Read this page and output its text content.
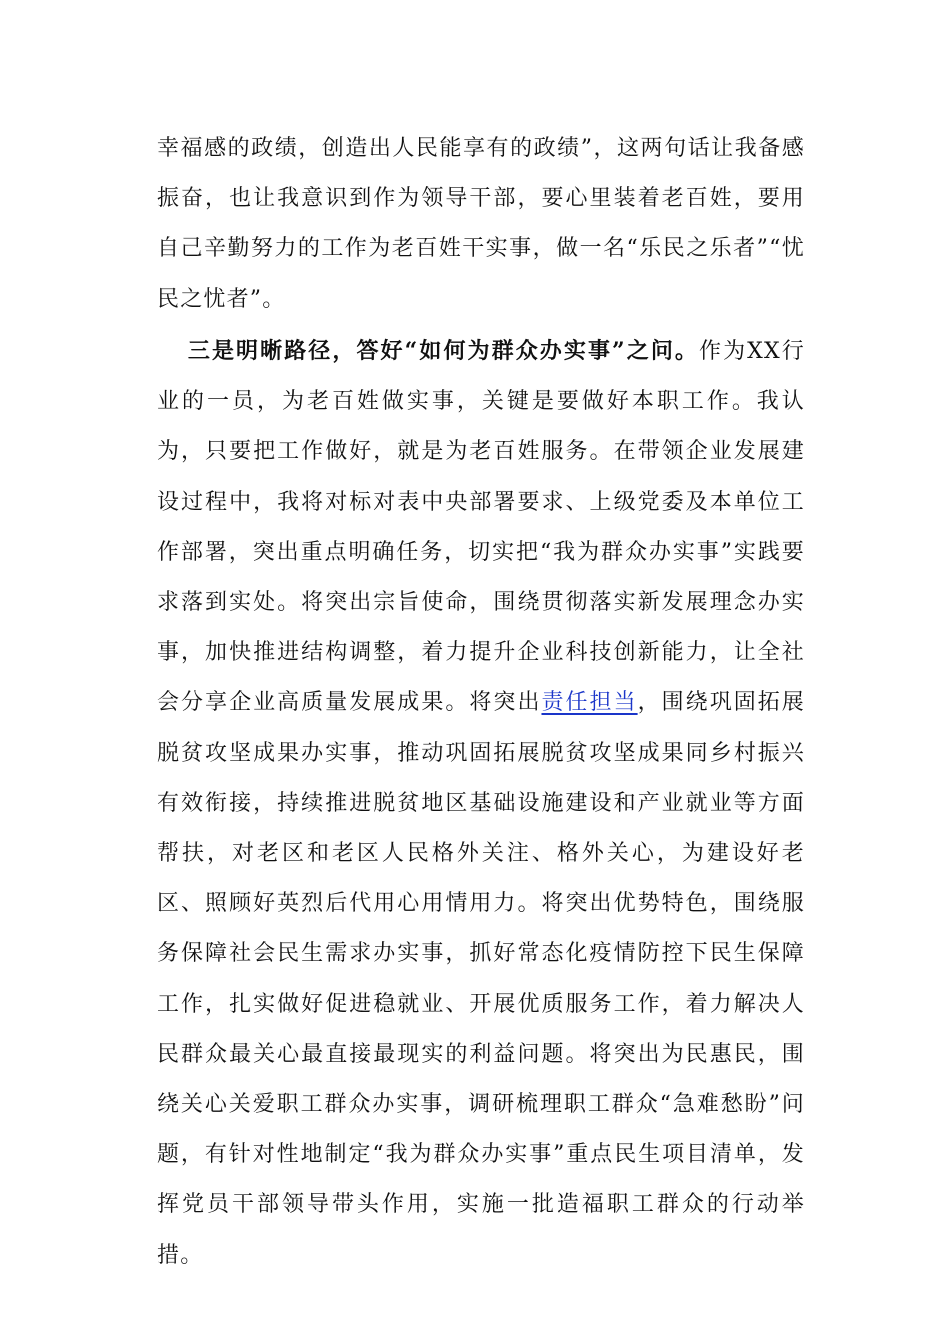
幸福感的政绩，创造出人民能享有的政绩”，这两句话让我备感振奋，也让我意识到作为领导干部，要心里装着老百姓，要用自己辛勤努力的工作为老百姓干实事，做一名“乐民之乐者”“忧民之忧者”。

三是明晰路径，答好“如何为群众办实事”之问。作为XX行业的一员，为老百姓做实事，关键是要做好本职工作。我认为，只要把工作做好，就是为老百姓服务。在带领企业发展建设过程中，我将对标对表中央部署要求、上级党委及本单位工作部署，突出重点明确任务，切实把“我为群众办实事”实践要求落到实处。将突出宗旨使命，围绕贯彻落实新发展理念办实事，加快推进结构调整，着力提升企业科技创新能力，让全社会分享企业高质量发展成果。将突出责任担当，围绕巩固拓展脱贫攻坚成果办实事，推动巩固拓展脱贫攻坚成果同乡村振兴有效衔接，持续推进脱贫地区基础设施建设和产业就业等方面帮扶，对老区和老区人民格外关注、格外关心，为建设好老区、照顾好英烈后代用心用情用力。将突出优势特色，围绕服务保障社会民生需求办实事，抓好常态化疫情防控下民生保障工作，扎实做好促进稳就业、开展优质服务工作，着力解决人民群众最关心最直接最现实的利益问题。将突出为民惠民，围绕关心关爱职工群众办实事，调研梳理职工群众“急难愁盼”问题，有针对性地制定“我为群众办实事”重点民生项目清单，发挥党员干部领导带头作用，实施一批造福职工群众的行动举措。
